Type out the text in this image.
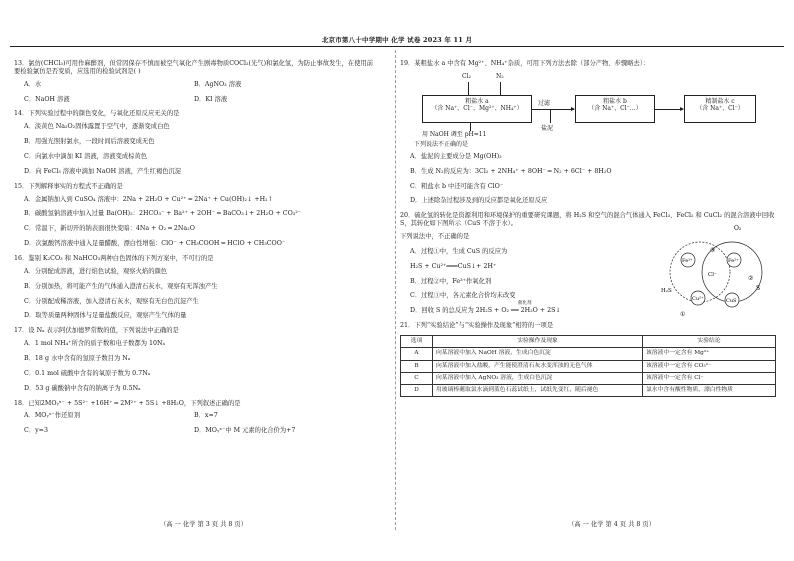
北京市第八十中学期中 化学 试卷 2023 年 11 月
13．氯仿(CHCl₃)可用作麻醉剂，但常因保存不慎而被空气氧化产生剧毒物质COCl₂(光气)和氯化氢，为防止事故发生，在使用前要检验氯仿是否变质，应选用的检验试剂是( )
A．水	B．AgNO₃ 溶液
C．NaOH 溶液	D．KI 溶液
14．下列实验过程中的颜色变化，与氧化还原反应无关的是
A．淡黄色 Na₂O₂固体露置于空气中，逐渐变成白色
B．用强光照射氯水，一段时间后溶液变成无色
C．向氯水中滴加 KI 溶液，溶液变成棕黄色
D．向 FeCl₃ 溶液中滴加 NaOH 溶液，产生红褐色沉淀
15．下列解释事实的方程式不正确的是
A．金属钠加入到 CuSO₄ 溶液中：2Na + 2H₂O + Cu²⁺ ═ 2Na⁺ + Cu(OH)₂↓ +H₂↑
B．碳酸氢钠溶液中加入过量 Ba(OH)₂：2HCO₃⁻ + Ba²⁺ + 2OH⁻ ═ BaCO₃↓+ 2H₂O + CO₃²⁻
C．常温下，新切开的钠表面很快变暗：4Na + O₂ ═ 2Na₂O
D．次氯酸钙溶液中通入足量醋酸，漂白性增强：ClO⁻ + CH₃COOH ═ HClO + CH₃COO⁻
16．鉴别 K₂CO₃ 和 NaHCO₃两种白色固体的下列方案中，不可行的是
A．分别配成溶液，进行焰色试验，观察火焰的颜色
B．分别加热，将可能产生的气体通入澄清石灰水，观察有无浑浊产生
C．分别配成稀溶液，加入澄清石灰水，观察有无白色沉淀产生
D．取等质量两种固体与足量盐酸反应，观察产生气体的量
17．设 Nₐ 表示阿伏加德罗常数的值，下列说法中正确的是
A．1 mol NH₄⁺所含的质子数和电子数都为 10Nₐ
B．18 g 水中含有的氢原子数目为 Nₐ
C．0.1 mol 硫酸中含有的氧原子数为 0.7Nₐ
D．53 g 碳酸钠中含有的钠离子为 0.5Nₐ
18．已知2MOᵧˣ⁻ + 5S²⁻ +16H⁺ ═ 2M²⁺ + 5S↓ +8H₂O，下列叙述正确的是
A．MOᵧˣ⁻作还原剂	B．x=7
C．y=3	D．MOᵧˣ⁻中 M 元素的化合价为+7
19．某粗盐水 a 中含有 Mg²⁺、NH₄⁺杂质，可用下列方法去除（部分产物、步骤略去）：
Cl₂	N₂
粗盐水 a
（含 Na⁺、Cl⁻、Mg²⁺、NH₄⁺）
过滤
盐泥
粗盐水 b
（含 Na⁺、Cl⁻…）
精制盐水 c
（含 Na⁺、Cl⁻）
用 NaOH 调至 pH=11
下列说法不正确的是
A．盐泥的主要成分是 Mg(OH)₂
B．生成 N₂的反应为：3Cl₂ + 2NH₄⁺ + 8OH⁻ ═ N₂ + 6Cl⁻ + 8H₂O
C．粗盐水 b 中还可能含有 ClO⁻
D．上述除杂过程涉及到的反应都是氧化还原反应
20．硫化氢的转化是资源利用和环境保护的重要研究课题，将 H₂S 和空气的混合气体通入 FeCl₃、FeCl₂ 和 CuCl₂ 的混合溶液中回收 S，其转化如下图所示（CuS 不溶于水）。
O₂
Fe³⁺	Fe²⁺
Cl⁻
H₂S
Cu²⁺	CuS
S
③
②
①
下列说法中，不正确的是
A．过程①中，生成 CuS 的反应为
H₂S + Cu²⁺═══CuS↓+ 2H⁺
B．过程②中，Fe³⁺作氧化剂
C．过程③中，各元素化合价均未改变
D．回收 S 的总反应为 2H₂S + O₂ ══ 2H₂O + 2S↓
催化剂
21．下列“实验结论”与“实验操作及现象”相符的一项是
选项	实验操作及现象	实验结论
A	向某溶液中加入 NaOH 溶液，生成白色沉淀	该溶液中一定含有 Mg²⁺
B	向某溶液中加入盐酸，产生能使澄清石灰水变浑浊的无色气体	该溶液中一定含有 CO₃²⁻
C	向某溶液中加入 AgNO₃ 溶液，生成白色沉淀	该溶液中一定含有 Cl⁻
D	用玻璃棒蘸取氯水滴到蓝色石蕊试纸上，试纸先变红，随后褪色	氯水中含有酸性物质、漂白性物质
（高 一 化学 第 3 页 共 8 页）	（高 一 化学 第 4 页 共 8 页）
